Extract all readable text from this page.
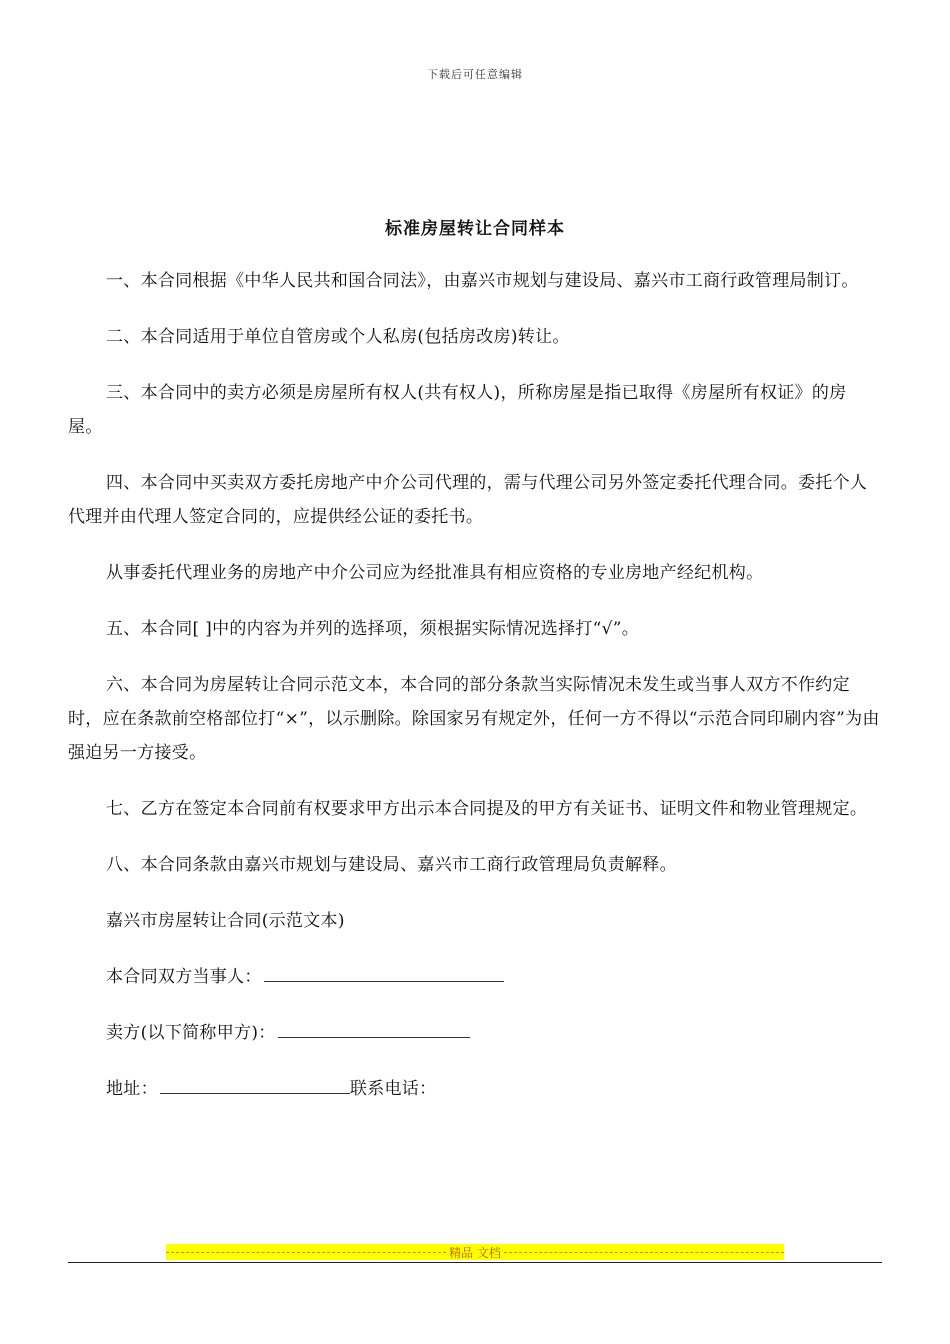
下载后可任意编辑
标准房屋转让合同样本

一、本合同根据《中华人民共和国合同法》，由嘉兴市规划与建设局、嘉兴市工商行政管理局制订。

二、本合同适用于单位自管房或个人私房(包括房改房)转让。

三、本合同中的卖方必须是房屋所有权人(共有权人)，所称房屋是指已取得《房屋所有权证》的房屋。

四、本合同中买卖双方委托房地产中介公司代理的，需与代理公司另外签定委托代理合同。委托个人代理并由代理人签定合同的，应提供经公证的委托书。

从事委托代理业务的房地产中介公司应为经批准具有相应资格的专业房地产经纪机构。

五、本合同[ ]中的内容为并列的选择项，须根据实际情况选择打“√”。

六、本合同为房屋转让合同示范文本，本合同的部分条款当实际情况未发生或当事人双方不作约定时，应在条款前空格部位打“×”，以示删除。除国家另有规定外，任何一方不得以“示范合同印刷内容”为由强迫另一方接受。

七、乙方在签定本合同前有权要求甲方出示本合同提及的甲方有关证书、证明文件和物业管理规定。

八、本合同条款由嘉兴市规划与建设局、嘉兴市工商行政管理局负责解释。

嘉兴市房屋转让合同(示范文本)

本合同双方当事人：

卖方(以下简称甲方)：

地址：	联系电话：

精品 文档
